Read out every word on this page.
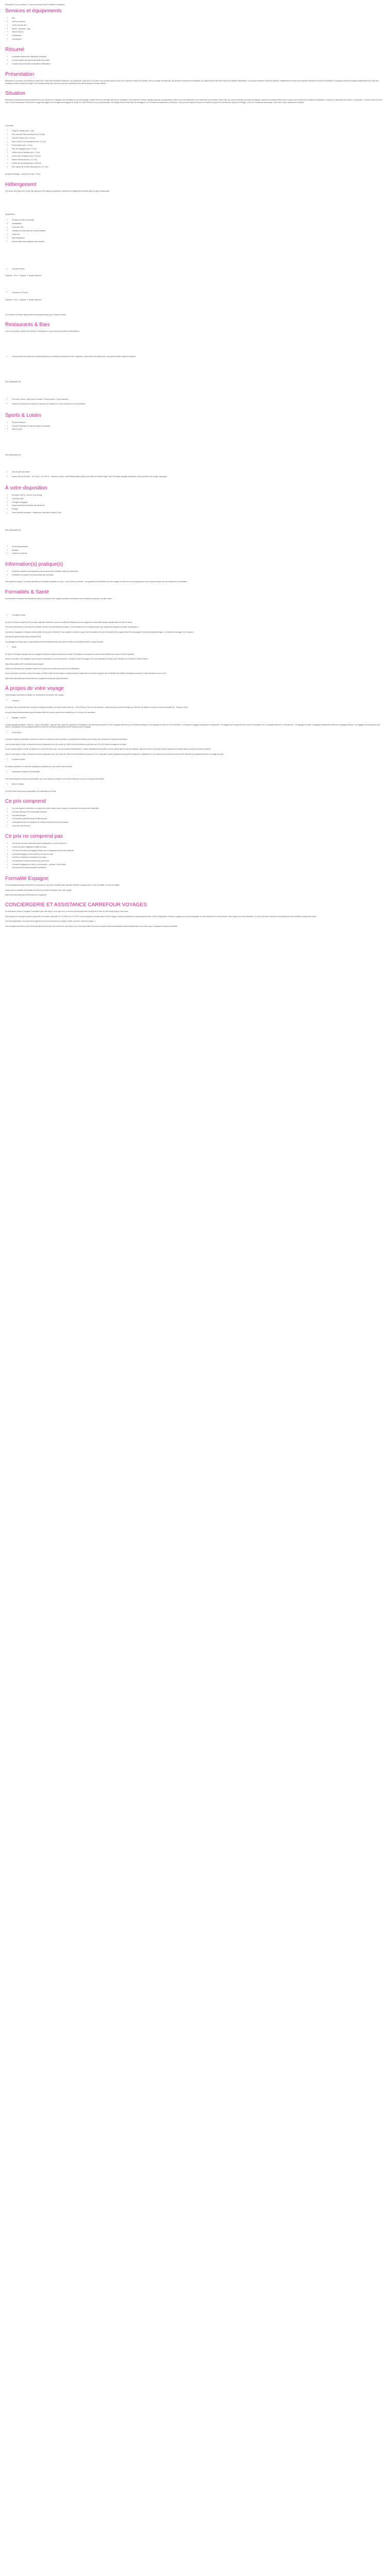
Description Ce prix comprend : Ce prix ne comprend pas Formalités Conseignées

Services et équipements
• Wifi
• Piscine extérieure
• Centre de bien-être
• Sauna - Hammam - Spa
• Salle de fitness
• Climatisation
• Conciergerie
Résumé
• La situation idéale entre Marbella et Estepona
• Le cadre naturel aux abords des golfs à la verdure
• L'espace Spa et bien-être d'inspiration thaïlandaise
Présentation

Bienvenue à L'Ecurosan Gra Estepona 4* Adult Only ! Situé entre Marbella et Estepona, sur la grandiose Costa del Sol, cet hôtel vous accueille dans un cadre chic et apaisant, réservé aux adultes. Avec son design contemporain, ses chambres lumineuses et élégantes, son espace Spa et bien-être inspiré de la tradition thaïlandaise, et sa piscine extérieure bordée de palmiers, l'établissement promet une escapade empreinte de confort et de sérénité. À quelques minutes des plages méditerranéennes et des plus prestigieux terrains de golf de la région, c'est l'adresse idéale pour savourer la douceur andalouse entre détente absolue et beauté raffinée.

Situation

Bienvenue en Andalousie et plus précisément sur la Costa del Sol, à Málaga, porte touristique du sud de l'Espagne, réputée dans une ville bâtie entre mer et montagnes. Villa andaine de Picasso, Malaga séduit par son dynamisme culturel, son riche patrimoine et son climat doux toute l'année. Flânez dans son centre historique aux ruelles marquantes, explorez l'Alcazaba perchée sous vos pieds sur les hauteurs du château de Gibralfaro ou admirez la cathédrale surnommée « la Manquita ». Profitez le bleu et la mer sous le soleil d'Andalousie et découvrez la magie des plages et ses vestiges accompagnés de Nerja, les ruines Ronda et son pont spectaculaire, des villages blancs nichés dans les montagnes. De la Grenade envoûtante avec l'Alhambra, c'est le point de départ rêvé pour les amateurs de golf et de randonnées. Séjourner à Malaga, c'est vivre l'Andalousie authentique, entre soleil, culture, patrimoine et tradition.

À proximité :

• Plage El Costalito (env. 1 km)
• Parc aventure Selwo Aventura (env. 6,6 km)
• Golf d'El Paraíso (env. 4,8 km)
• Buen Club de Golf Guadalmina (env. 6,2 km)
• Puerto Banús (env. 7,2 km)
• Parc de l'Alhaguera (env. 10 km)
• Centre-ville de Marbella (env. 17 km)
• Centre-ville d'Estepona (env. 12,5 km)
• Marina d'Estepona (env. 14,1 km)
• Centre-ville de Marbella (env. 18,5 km)
• Parc naturel de la Sierra Bermeja (env. 27,7 km)

Aéroport de Malaga - Costa del Sol (env. 75 km)

Hébergement

L'Ecurosan Gra Estepona 4* Adult Only dispose de 58 chambres spacieuses, lumineuses et élégamment décorées dans un style contemporain.

Équipements :

• Terrasse ou balcon aménagé
• Climatisation
• Connexion Wifi
• Télévision à écran plat avec chaînes satellite
• Coffre-fort
• Mini-réfrigérateur
• Salle de bains avec baignoire et/ou douche
• Chambre Deluxe

Superficie : 25 m² - Capacité : 2 adultes maximum

• Chambre vue Piscine

Superficie : 25 m² - Capacité : 2 adultes maximum

La Chambre vue Piscine dispose des mêmes équipements que la Chambre Deluxe.

Restaurants & Bars

Lors de votre séjour, profitez de la formule « Petit-déjeuner » (hors boissons) incluant le petit-déjeuner.

• Vous prendrez l'ensemble de vos petits-déjeuners au restaurant principal de l'hôtel « Aguamar » sous forme d'un buffet servi, une grande variété d'options culinaires.

Avec participation (€) :

• Pour votre confort, optez pour la formule « Demi-pension » (hors boissons).
• Profitez du snack-bar de l'hôtel pour prendre vos collations en cours de journée ou vous rafraîchir.
Sports & Loisirs
• Piscine extérieure
• Solarium aménagé de chaises longues et parasols
• Salle de sport

Avec participation (€) :

• Club de golf à proximité
• Espace Spa et bien-être : 10 m² spa + de 1000 m² : hammam, sauna, circuit thérapeutique thai (en sous-base de Palobb rouge, soins de visage massage aquatique), soins corporels et de visage, massages...
À votre disposition
• Réception 24h/24 - service de concierge
• Connexion Wifi
• Consigne à bagages
• Espace supérieur accessible par ascenseur
• Parking
• Carte bancaire acceptées : Mastercard, American Express & Visa

Avec participation (€) :

• Service blanchisserie
• Boutique
• Location de voitures
Information(s) pratique(s)
• Certaines chambres sont adaptées pour les personnes à mobilité réduite (sur demande)
• Possibilité de chambres communicantes (sur demande)

Taxe régionale d'usage. Ce produit nécessite une inscription préalable au 2 jours : ceux-ci fait en conformité - une garantie des informations de votre voyage s'en fait lors de votre passage que vous récupérez auprès de votre transporteur réservataires.

Formalités & Santé

Nous transmet ci-dessous les informations utiles pour préparer votre voyage et prendre connaissance des formalités du pays que vous allez visiter.

• Formalité d'entrée

Au sein de l'Union européenne (UE), la carte nationale d'identité en cours de validité est suffisante pour les voyageurs de nationalité française (valable après la date de retour).

Pour toutes informations concernant les formalités d'entrée des ressortissants étrangers, il est nécessaire de se renseigner auprès des organismes adéquats (consulats, ambassades...).

Les mineurs voyageant à l'étranger doivent justifier de leur pièce d'identité. Et est conditions d'entrée du pays et de l'autorisation de sortie de territoire s'ils voyagent sans être accompagné de leurs représentants légaux. La mention est consigné ou en dessous...

www.service-public.fr/particuliers/vosdroits/F1342

Les passagers en transit dans un pays différent de leur destination finale sont priés de vérifier les formalités d'entrée du pays de transit.

• Santé

Un séjour à l'étranger implique pour tout voyageur de prendre certaines précautions de santé. Renseignez-vous auprès de votre médecin traitant et/ou dans un centre hospitalier.

Aucune vaccination n'est obligatoire mais certaines vaccinations sont recommandées : consultez la note de voyage et les recommandations édictées par le Ministère de la Santé et l'Institut Pasteur.

https://www.pasteur-lille.fr/vaccination/pays/espagne/

Toutes les informations de formalités d'entrée et de santé sont données sous réserve de modifications.

Nous vous invitons fortement, avant votre départ, à vérifier toutes les informations complémentaires et également à consulter la page du site du Ministère des Affaires Étrangères consacrée à votre destination ou sur le site :

https://www.diplomatie.gouv.fr/fr/conseils-aux-voyageurs/conseils-par-pays-destination/

À propos de votre voyage

Votre package informations à prendre en considération concernant votre voyage.

• Transport

En fonction des vols sélectionnés, l'aéroport de départ peut différer du ville de votre arrivée (ex : Orly et Roissy). Pour les vols nationaux, l'aéroport le plus proche est indiqué sur votre lieu de départ en mode de connexion possible (ex. : Roissy ou Orly).

Les prix et plans acheminements depuis certaines villes de province peuvent être modifiées par TUI en cours de réservation.

• Bagages + pièces +

Certains bagages (vestiaires, caméras + poids et des tailles...) peuvent faire l'objet d'un supplément. Renseignez-vous directement auprès de votre compagnie aérienne pour les détails spécifiques et les bagages en soute de votre réservation. Le transport de bagages spécifiques en supplément. Les bagages sont transportés sous réserve d'acceptation de la compagnie aérienne, à l'exception de : Les bagages de valise ou bagages préalablement prévues ou bagages spéciaux. Les bagages sont transportés sous réserve d'acceptation de la compagnie aérienne et dans les conditions particulières de leur transport avec le voyageur.

• Durée séjour

La durée du séjour est calculée en fonction du nombre de nuitées et non de journées. La première et la dernière jour du séjour sont consacrés au transport international.

Lors de votre séjour à l'hôtel, la chambre est mise à disposition vers 15h à partir de 12h00 et doit être libérée au plus tard vers 12h à 12h selon les usages de la région.

En cas d'arrivée tardive à l'hôtel, la chambre est conservée pour la nuit, merci de prévenir l'établissement. Certains établissements peuvent en cas de départ tardif et d'arrivée matinale, l'agence et l'hôtel ne sont pas tenus de proposer la chambre avant ou après les horaires habituels.

Lors de votre séjour à l'hôtel, la chambre est mise à disposition vers 15h à partir de 12h00 et doit être libérée au plus tard à 12h. Cependant, certains établissements peuvent demander un supplément en cas d'arrivée et la remise des clés peut être effectuée plus tardivement selon les usages du pays.

• Contact sur place

De manière générale, les hôtels sont joignables par téléphone ou par mail en cas de besoin.

• Informations relatives à l'accessibilité

Pour toute demande concernant l'accessibilité, nous vous invitons à contacter notre service client pour la prise en charge personnalisée.

• Bébé et enfants

Le lit BB 'enfant' est soumis à disponibilité et à confirmation par l'hôtel.

Ce prix comprend
• Les vols réguliers, aller/retour, au départ de la ville choisie, dans la classe de réservation la moins élevée disponible
• Les taxes d'aéroport et la surcharge carburant
• Les taxes aéroport
• Les transferts collectifs aéroport-hôtel-aéroport
• L'hébergement selon la catégorie de chambre choisie lors de la réservation
• La pension sélectionnée
Ce prix ne comprend pas
• Tout ce qui n'est pas mentionné dans le paragraphe « ce prix comprend »
• La taxe de séjour obligatoire à régler sur place
• Les frais d'excédents de bagages lorsque ceux-ci dépassent la franchise autorisée
• Le transfert bagage (voir ci-dessous), les frais de carte
• Les frais de demande d'annulation d'un séjour
• Les dépenses d'ordre personnel et les pourboires
• Le transfert bagage pour celui-ci, par exemple », (préciser, et les hôtels)
• Les assurances complémentaires facultatives
Formalité Espagne

Les ressortissants français doivent être en possession d'une pièce d'identité (carte nationale d'identité ou passeport) en cours de validité, en cours de validité.

Nous pouvons consulter les formalités de santé et de police nécessaires pour votre voyage :

https://www.diplomatie.gouv.fr/fr/conseils-aux-voyageurs/

CONCIERGERIE ET ASSISTANCE CARREFOUR VOYAGES

En choisissant Carrefour Voyages Conciergerie pour votre séjour, vous optez pour un service d'accompagnement complet de la veille de votre départ jusqu'à votre retour.

Notre équipe de concierges, experts, passionnés et honnêtes, disponible 7j/7 et 24h/24, de 7h à 23h, vous accompagne à chaque étape de votre voyage, depuis la préparation du départ jusqu'au retour. Grâce à l'application Carrefour Voyages pour vous accompagner en toute réactivité et en toute sérénité. Notre équipe est à votre disposition 7/7 pour vous aider, répondre à vos questions et vous conseiller pendant votre séjour.

Vos voies applicatives, vous retrouverez également tous vos documents de voyage (e-billets, vouchers, carnet de voyage...).

Vos concierges dévouées à votre service principal arrivent pour toute la durée de votre séjour, pour vous faire profiter de services exclusifs et de recommandations personnalisées selon vos envies, pour vous garantir un séjour inoubliable.
